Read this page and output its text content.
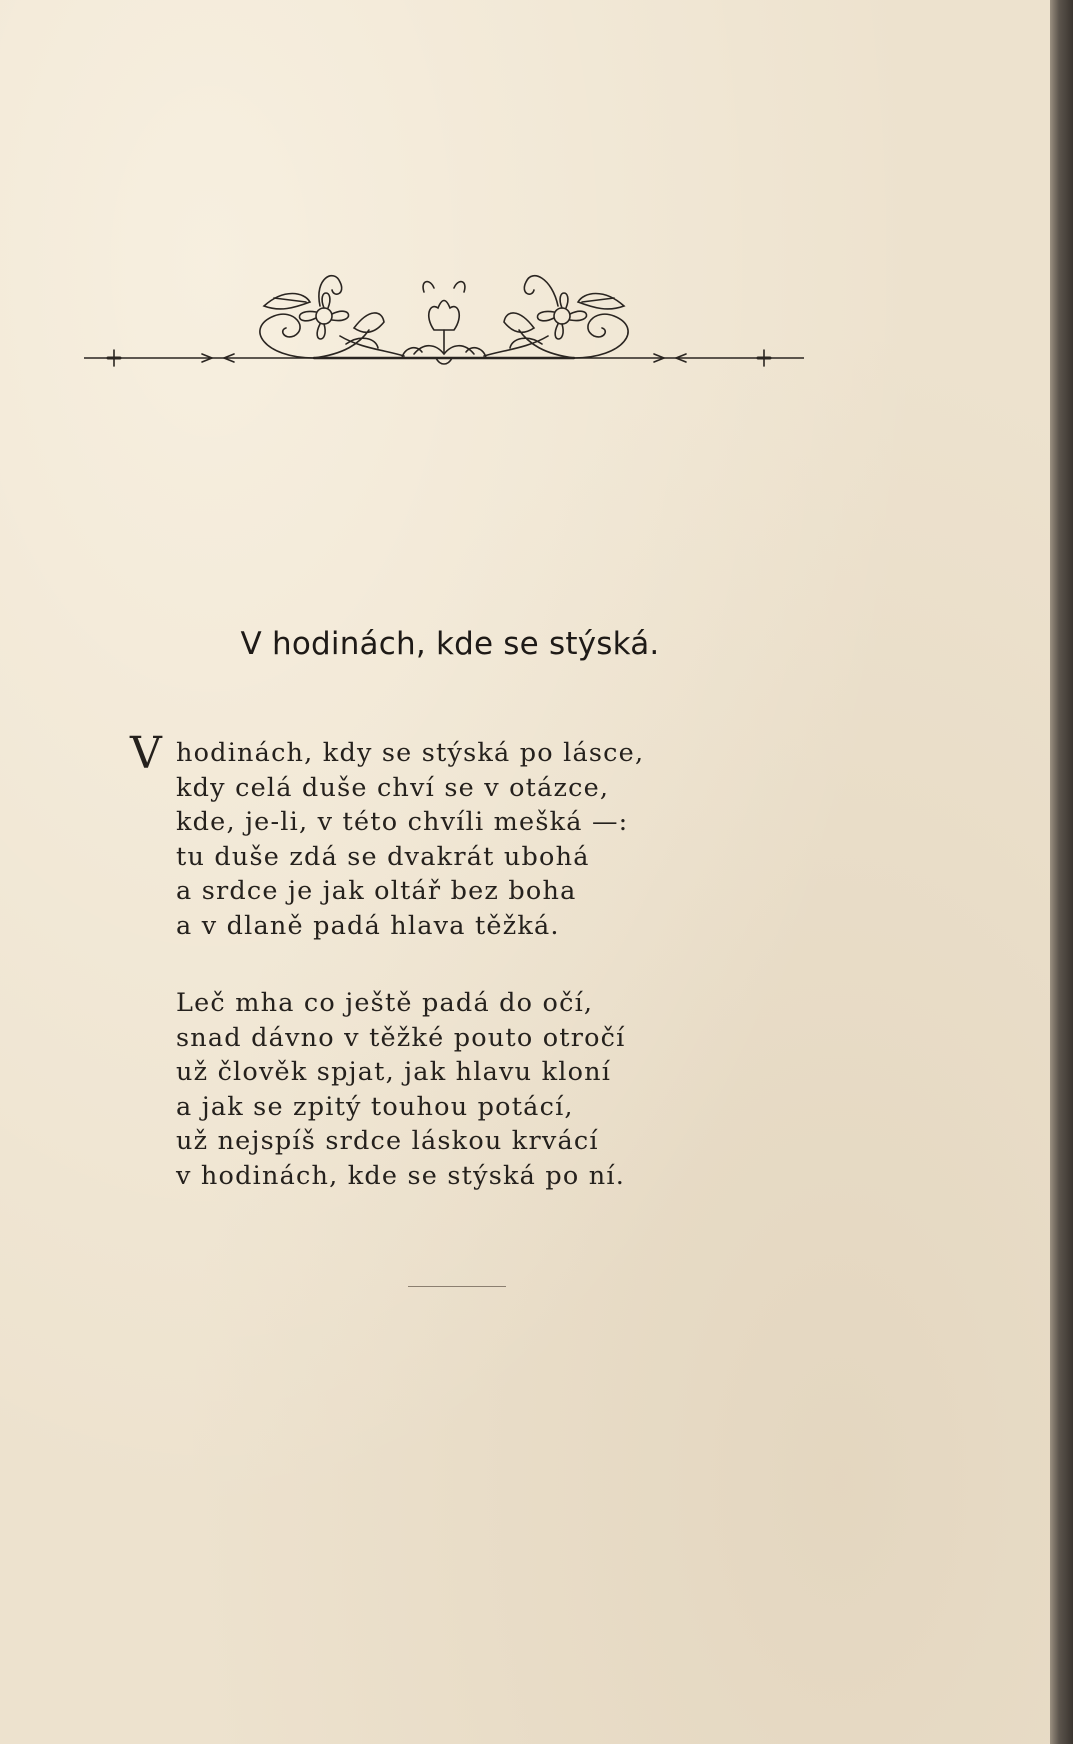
V hodinách, kde se stýská.
V hodinách, kdy se stýská po lásce,
kdy celá duše chví se v otázce,
kde, je-li, v této chvíli mešká —:
tu duše zdá se dvakrát ubohá
a srdce je jak oltář bez boha
a v dlaně padá hlava těžká.
Leč mha co ještě padá do očí,
snad dávno v těžké pouto otročí
už člověk spjat, jak hlavu kloní
a jak se zpitý touhou potácí,
už nejspíš srdce láskou krvácí
v hodinách, kde se stýská po ní.
